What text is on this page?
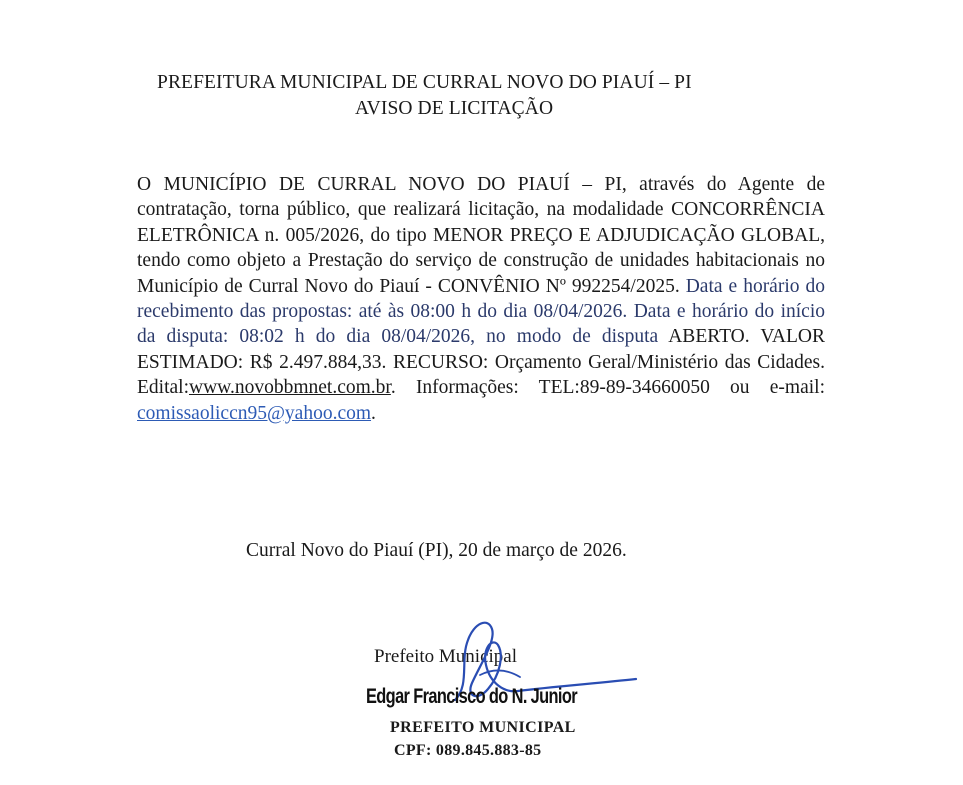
PREFEITURA MUNICIPAL DE CURRAL NOVO DO PIAUÍ – PI
AVISO DE LICITAÇÃO
O MUNICÍPIO DE CURRAL NOVO DO PIAUÍ – PI, através do Agente de contratação, torna público, que realizará licitação, na modalidade CONCORRÊNCIA ELETRÔNICA n. 005/2026, do tipo MENOR PREÇO E ADJUDICAÇÃO GLOBAL, tendo como objeto a Prestação do serviço de construção de unidades habitacionais no Município de Curral Novo do Piauí - CONVÊNIO Nº 992254/2025. Data e horário do recebimento das propostas: até às 08:00 h do dia 08/04/2026. Data e horário do início da disputa: 08:02 h do dia 08/04/2026, no modo de disputa ABERTO. VALOR ESTIMADO: R$ 2.497.884,33. RECURSO: Orçamento Geral/Ministério das Cidades. Edital:www.novobbmnet.com.br. Informações: TEL:89-89-34660050 ou e-mail: comissaoliccn95@yahoo.com.
Curral Novo do Piauí (PI), 20 de março de 2026.
Prefeito Municipal
Edgar Francisco do N. Junior
PREFEITO MUNICIPAL
CPF: 089.845.883-85
